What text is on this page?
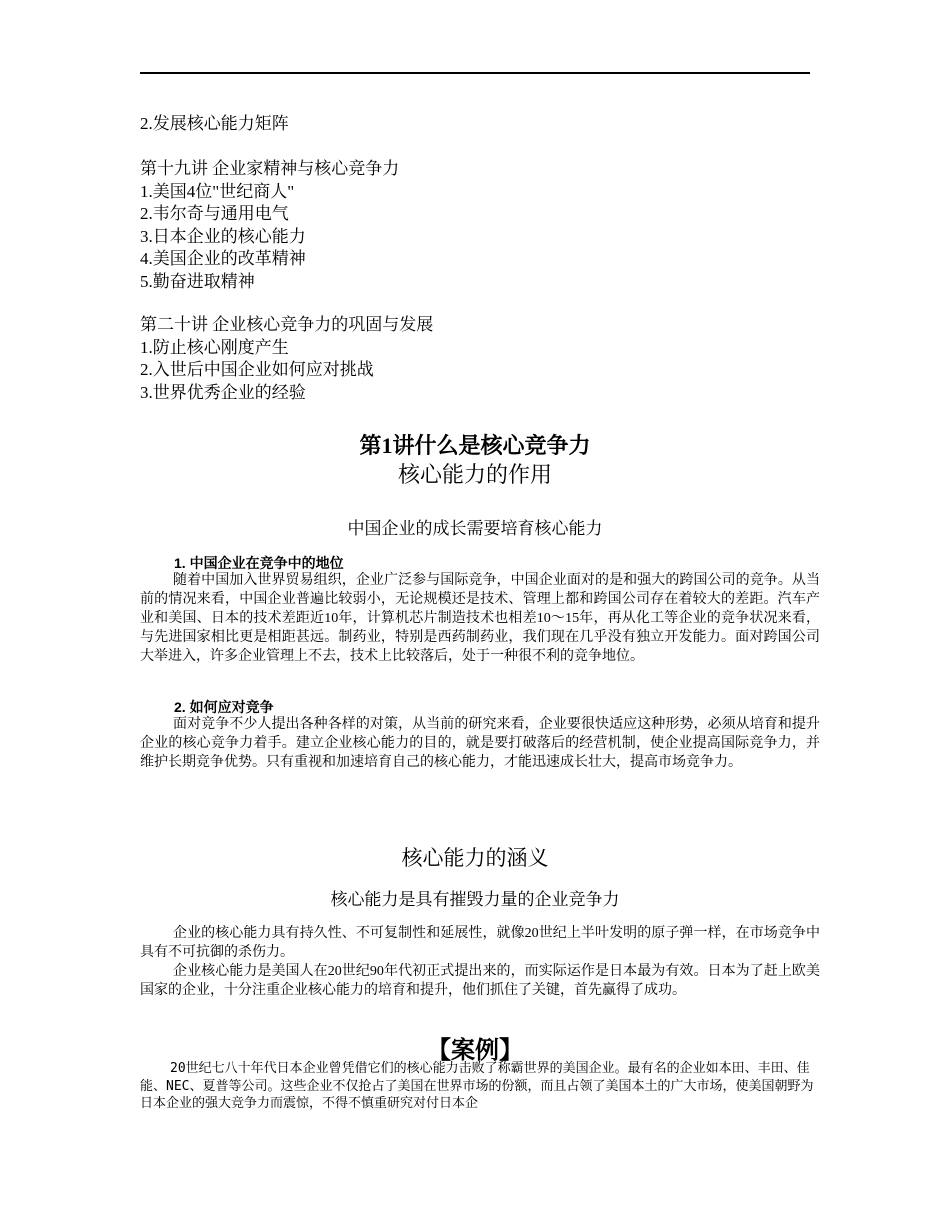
2.发展核心能力矩阵
第十九讲 企业家精神与核心竞争力
1.美国4位"世纪商人"
2.韦尔奇与通用电气
3.日本企业的核心能力
4.美国企业的改革精神
5.勤奋进取精神
第二十讲 企业核心竞争力的巩固与发展
1.防止核心刚度产生
2.入世后中国企业如何应对挑战
3.世界优秀企业的经验
第1讲什么是核心竞争力
核心能力的作用
中国企业的成长需要培育核心能力
1. 中国企业在竞争中的地位
随着中国加入世界贸易组织，企业广泛参与国际竞争，中国企业面对的是和强大的跨国公司的竞争。从当前的情况来看，中国企业普遍比较弱小，无论规模还是技术、管理上都和跨国公司存在着较大的差距。汽车产业和美国、日本的技术差距近10年，计算机芯片制造技术也相差10～15年，再从化工等企业的竞争状况来看，与先进国家相比更是相距甚远。制药业，特别是西药制药业，我们现在几乎没有独立开发能力。面对跨国公司大举进入，许多企业管理上不去，技术上比较落后，处于一种很不利的竞争地位。
2. 如何应对竞争
面对竞争不少人提出各种各样的对策，从当前的研究来看，企业要很快适应这种形势，必须从培育和提升企业的核心竞争力着手。建立企业核心能力的目的，就是要打破落后的经营机制，使企业提高国际竞争力，并维护长期竞争优势。只有重视和加速培育自己的核心能力，才能迅速成长壮大，提高市场竞争力。
核心能力的涵义
核心能力是具有摧毁力量的企业竞争力
企业的核心能力具有持久性、不可复制性和延展性，就像20世纪上半叶发明的原子弹一样，在市场竞争中具有不可抗御的杀伤力。
企业核心能力是美国人在20世纪90年代初正式提出来的，而实际运作是日本最为有效。日本为了赶上欧美国家的企业，十分注重企业核心能力的培育和提升，他们抓住了关键，首先赢得了成功。
【案例】
20世纪七八十年代日本企业曾凭借它们的核心能力击败了称霸世界的美国企业。最有名的企业如本田、丰田、佳能、NEC、夏普等公司。这些企业不仅抢占了美国在世界市场的份额，而且占领了美国本土的广大市场，使美国朝野为日本企业的强大竞争力而震惊，不得不慎重研究对付日本企
